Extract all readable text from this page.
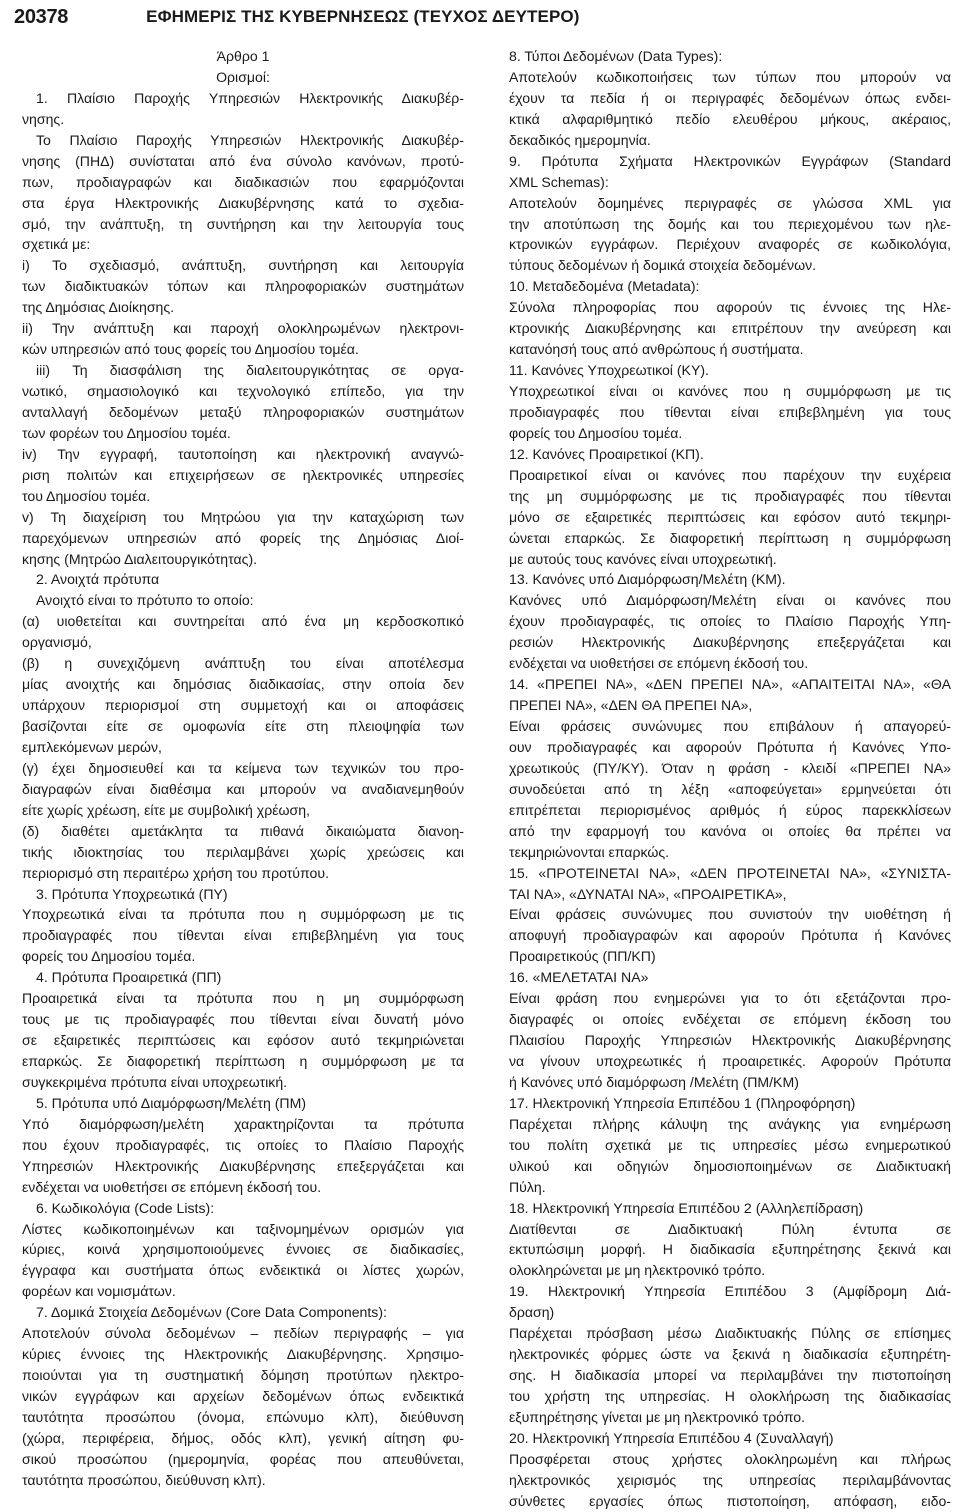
20378	ΕΦΗΜΕΡΙΣ ΤΗΣ ΚΥΒΕΡΝΗΣΕΩΣ (ΤΕΥΧΟΣ ΔΕΥΤΕΡΟ)
Άρθρο 1
Ορισμοί:
1. Πλαίσιο Παροχής Υπηρεσιών Ηλεκτρονικής Διακυβέρ-
νησης.
Το Πλαίσιο Παροχής Υπηρεσιών Ηλεκτρονικής Διακυβέρ-
νησης (ΠΗΔ) συνίσταται από ένα σύνολο κανόνων, προτύ-
πων, προδιαγραφών και διαδικασιών που εφαρμόζονται
στα έργα Ηλεκτρονικής Διακυβέρνησης κατά το σχεδια-
σμό, την ανάπτυξη, τη συντήρηση και την λειτουργία τους
σχετικά με:
i) Το σχεδιασμό, ανάπτυξη, συντήρηση και λειτουργία
των διαδικτυακών τόπων και πληροφοριακών συστημάτων
της Δημόσιας Διοίκησης.
ii) Την ανάπτυξη και παροχή ολοκληρωμένων ηλεκτρονι-
κών υπηρεσιών από τους φορείς του Δημοσίου τομέα.
iii) Τη διασφάλιση της διαλειτουργικότητας σε οργα-
νωτικό, σημασιολογικό και τεχνολογικό επίπεδο, για την
ανταλλαγή δεδομένων μεταξύ πληροφοριακών συστημάτων
των φορέων του Δημοσίου τομέα.
iv) Την εγγραφή, ταυτοποίηση και ηλεκτρονική αναγνώ-
ριση πολιτών και επιχειρήσεων σε ηλεκτρονικές υπηρεσίες
του Δημοσίου τομέα.
v) Τη διαχείριση του Μητρώου για την καταχώριση των
παρεχόμενων υπηρεσιών από φορείς της Δημόσιας Διοί-
κησης (Μητρώο Διαλειτουργικότητας).
2. Ανοιχτά πρότυπα
Ανοιχτό είναι το πρότυπο το οποίο:
(α) υιοθετείται και συντηρείται από ένα μη κερδοσκοπικό
οργανισμό,
(β) η συνεχιζόμενη ανάπτυξη του είναι αποτέλεσμα
μίας ανοιχτής και δημόσιας διαδικασίας, στην οποία δεν
υπάρχουν περιορισμοί στη συμμετοχή και οι αποφάσεις
βασίζονται είτε σε ομοφωνία είτε στη πλειοψηφία των
εμπλεκόμενων μερών,
(γ) έχει δημοσιευθεί και τα κείμενα των τεχνικών του προ-
διαγραφών είναι διαθέσιμα και μπορούν να αναδιανεμηθούν
είτε χωρίς χρέωση, είτε με συμβολική χρέωση,
(δ) διαθέτει αμετάκλητα τα πιθανά δικαιώματα διανοη-
τικής ιδιοκτησίας του περιλαμβάνει χωρίς χρεώσεις και
περιορισμό στη περαιτέρω χρήση του προτύπου.
3. Πρότυπα Υποχρεωτικά (ΠΥ)
Υποχρεωτικά είναι τα πρότυπα που η συμμόρφωση με τις
προδιαγραφές που τίθενται είναι επιβεβλημένη για τους
φορείς του Δημοσίου τομέα.
4. Πρότυπα Προαιρετικά (ΠΠ)
Προαιρετικά είναι τα πρότυπα που η μη συμμόρφωση
τους με τις προδιαγραφές που τίθενται είναι δυνατή μόνο
σε εξαιρετικές περιπτώσεις και εφόσον αυτό τεκμηριώνεται
επαρκώς. Σε διαφορετική περίπτωση η συμμόρφωση με τα
συγκεκριμένα πρότυπα είναι υποχρεωτική.
5. Πρότυπα υπό Διαμόρφωση/Μελέτη (ΠΜ)
Υπό διαμόρφωση/μελέτη χαρακτηρίζονται τα πρότυπα
που έχουν προδιαγραφές, τις οποίες το Πλαίσιο Παροχής
Υπηρεσιών Ηλεκτρονικής Διακυβέρνησης επεξεργάζεται και
ενδέχεται να υιοθετήσει σε επόμενη έκδοσή του.
6. Κωδικολόγια (Code Lists):
Λίστες κωδικοποιημένων και ταξινομημένων ορισμών για
κύριες, κοινά χρησιμοποιούμενες έννοιες σε διαδικασίες,
έγγραφα και συστήματα όπως ενδεικτικά οι λίστες χωρών,
φορέων και νομισμάτων.
7. Δομικά Στοιχεία Δεδομένων (Core Data Components):
Αποτελούν σύνολα δεδομένων – πεδίων περιγραφής – για
κύριες έννοιες της Ηλεκτρονικής Διακυβέρνησης. Χρησιμο-
ποιούνται για τη συστηματική δόμηση προτύπων ηλεκτρο-
νικών εγγράφων και αρχείων δεδομένων όπως ενδεικτικά
ταυτότητα προσώπου (όνομα, επώνυμο κλπ), διεύθυνση
(χώρα, περιφέρεια, δήμος, οδός κλπ), γενική αίτηση φυ-
σικού προσώπου (ημερομηνία, φορέας που απευθύνεται,
ταυτότητα προσώπου, διεύθυνση κλπ).
8. Τύποι Δεδομένων (Data Types):
Αποτελούν κωδικοποιήσεις των τύπων που μπορούν να
έχουν τα πεδία ή οι περιγραφές δεδομένων όπως ενδει-
κτικά αλφαριθμητικό πεδίο ελευθέρου μήκους, ακέραιος,
δεκαδικός ημερομηνία.
9. Πρότυπα Σχήματα Ηλεκτρονικών Εγγράφων (Standard
XML Schemas):
Αποτελούν δομημένες περιγραφές σε γλώσσα XML για
την αποτύπωση της δομής και του περιεχομένου των ηλε-
κτρονικών εγγράφων. Περιέχουν αναφορές σε κωδικολόγια,
τύπους δεδομένων ή δομικά στοιχεία δεδομένων.
10. Μεταδεδομένα (Metadata):
Σύνολα πληροφορίας που αφορούν τις έννοιες της Ηλε-
κτρονικής Διακυβέρνησης και επιτρέπουν την ανεύρεση και
κατανόησή τους από ανθρώπους ή συστήματα.
11. Κανόνες Υποχρεωτικοί (ΚΥ).
Υποχρεωτικοί είναι οι κανόνες που η συμμόρφωση με τις
προδιαγραφές που τίθενται είναι επιβεβλημένη για τους
φορείς του Δημοσίου τομέα.
12. Κανόνες Προαιρετικοί (ΚΠ).
Προαιρετικοί είναι οι κανόνες που παρέχουν την ευχέρεια
της μη συμμόρφωσης με τις προδιαγραφές που τίθενται
μόνο σε εξαιρετικές περιπτώσεις και εφόσον αυτό τεκμηρι-
ώνεται επαρκώς. Σε διαφορετική περίπτωση η συμμόρφωση
με αυτούς τους κανόνες είναι υποχρεωτική.
13. Κανόνες υπό Διαμόρφωση/Μελέτη (ΚΜ).
Κανόνες υπό Διαμόρφωση/Μελέτη είναι οι κανόνες που
έχουν προδιαγραφές, τις οποίες το Πλαίσιο Παροχής Υπη-
ρεσιών Ηλεκτρονικής Διακυβέρνησης επεξεργάζεται και
ενδέχεται να υιοθετήσει σε επόμενη έκδοσή του.
14. «ΠΡΕΠΕΙ ΝΑ», «ΔΕΝ ΠΡΕΠΕΙ ΝΑ», «ΑΠΑΙΤΕΙΤΑΙ ΝΑ», «ΘΑ
ΠΡΕΠΕΙ ΝΑ», «ΔΕΝ ΘΑ ΠΡΕΠΕΙ ΝΑ»,
Είναι φράσεις συνώνυμες που επιβάλουν ή απαγορεύ-
ουν προδιαγραφές και αφορούν Πρότυπα ή Κανόνες Υπο-
χρεωτικούς (ΠΥ/ΚΥ). Όταν η φράση - κλειδί «ΠΡΕΠΕΙ ΝΑ»
συνοδεύεται από τη λέξη «αποφεύγεται» ερμηνεύεται ότι
επιτρέπεται περιορισμένος αριθμός ή εύρος παρεκκλίσεων
από την εφαρμογή του κανόνα οι οποίες θα πρέπει να
τεκμηριώνονται επαρκώς.
15. «ΠΡΟΤΕΙΝΕΤΑΙ ΝΑ», «ΔΕΝ ΠΡΟΤΕΙΝΕΤΑΙ ΝΑ», «ΣΥΝΙΣΤΑ-
ΤΑΙ ΝΑ», «ΔΥΝΑΤΑΙ ΝΑ», «ΠΡΟΑΙΡΕΤΙΚΑ»,
Είναι φράσεις συνώνυμες που συνιστούν την υιοθέτηση ή
αποφυγή προδιαγραφών και αφορούν Πρότυπα ή Κανόνες
Προαιρετικούς (ΠΠ/ΚΠ)
16. «ΜΕΛΕΤΑΤΑΙ ΝΑ»
Είναι φράση που ενημερώνει για το ότι εξετάζονται προ-
διαγραφές οι οποίες ενδέχεται σε επόμενη έκδοση του
Πλαισίου Παροχής Υπηρεσιών Ηλεκτρονικής Διακυβέρνησης
να γίνουν υποχρεωτικές ή προαιρετικές. Αφορούν Πρότυπα
ή Κανόνες υπό διαμόρφωση /Μελέτη (ΠΜ/ΚΜ)
17. Ηλεκτρονική Υπηρεσία Επιπέδου 1 (Πληροφόρηση)
Παρέχεται πλήρης κάλυψη της ανάγκης για ενημέρωση
του πολίτη σχετικά με τις υπηρεσίες μέσω ενημερωτικού
υλικού και οδηγιών δημοσιοποιημένων σε Διαδικτυακή
Πύλη.
18. Ηλεκτρονική Υπηρεσία Επιπέδου 2 (Αλληλεπίδραση)
Διατίθενται σε Διαδικτυακή Πύλη έντυπα σε
εκτυπώσιμη μορφή. Η διαδικασία εξυπηρέτησης ξεκινά και
ολοκληρώνεται με μη ηλεκτρονικό τρόπο.
19. Ηλεκτρονική Υπηρεσία Επιπέδου 3 (Αμφίδρομη Διά-
δραση)
Παρέχεται πρόσβαση μέσω Διαδικτυακής Πύλης σε επίσημες
ηλεκτρονικές φόρμες ώστε να ξεκινά η διαδικασία εξυπηρέτη-
σης. Η διαδικασία μπορεί να περιλαμβάνει την πιστοποίηση
του χρήστη της υπηρεσίας. Η ολοκλήρωση της διαδικασίας
εξυπηρέτησης γίνεται με μη ηλεκτρονικό τρόπο.
20. Ηλεκτρονική Υπηρεσία Επιπέδου 4 (Συναλλαγή)
Προσφέρεται στους χρήστες ολοκληρωμένη και πλήρως
ηλεκτρονικός χειρισμός της υπηρεσίας περιλαμβάνοντας
σύνθετες εργασίες όπως πιστοποίηση, απόφαση, ειδο-
